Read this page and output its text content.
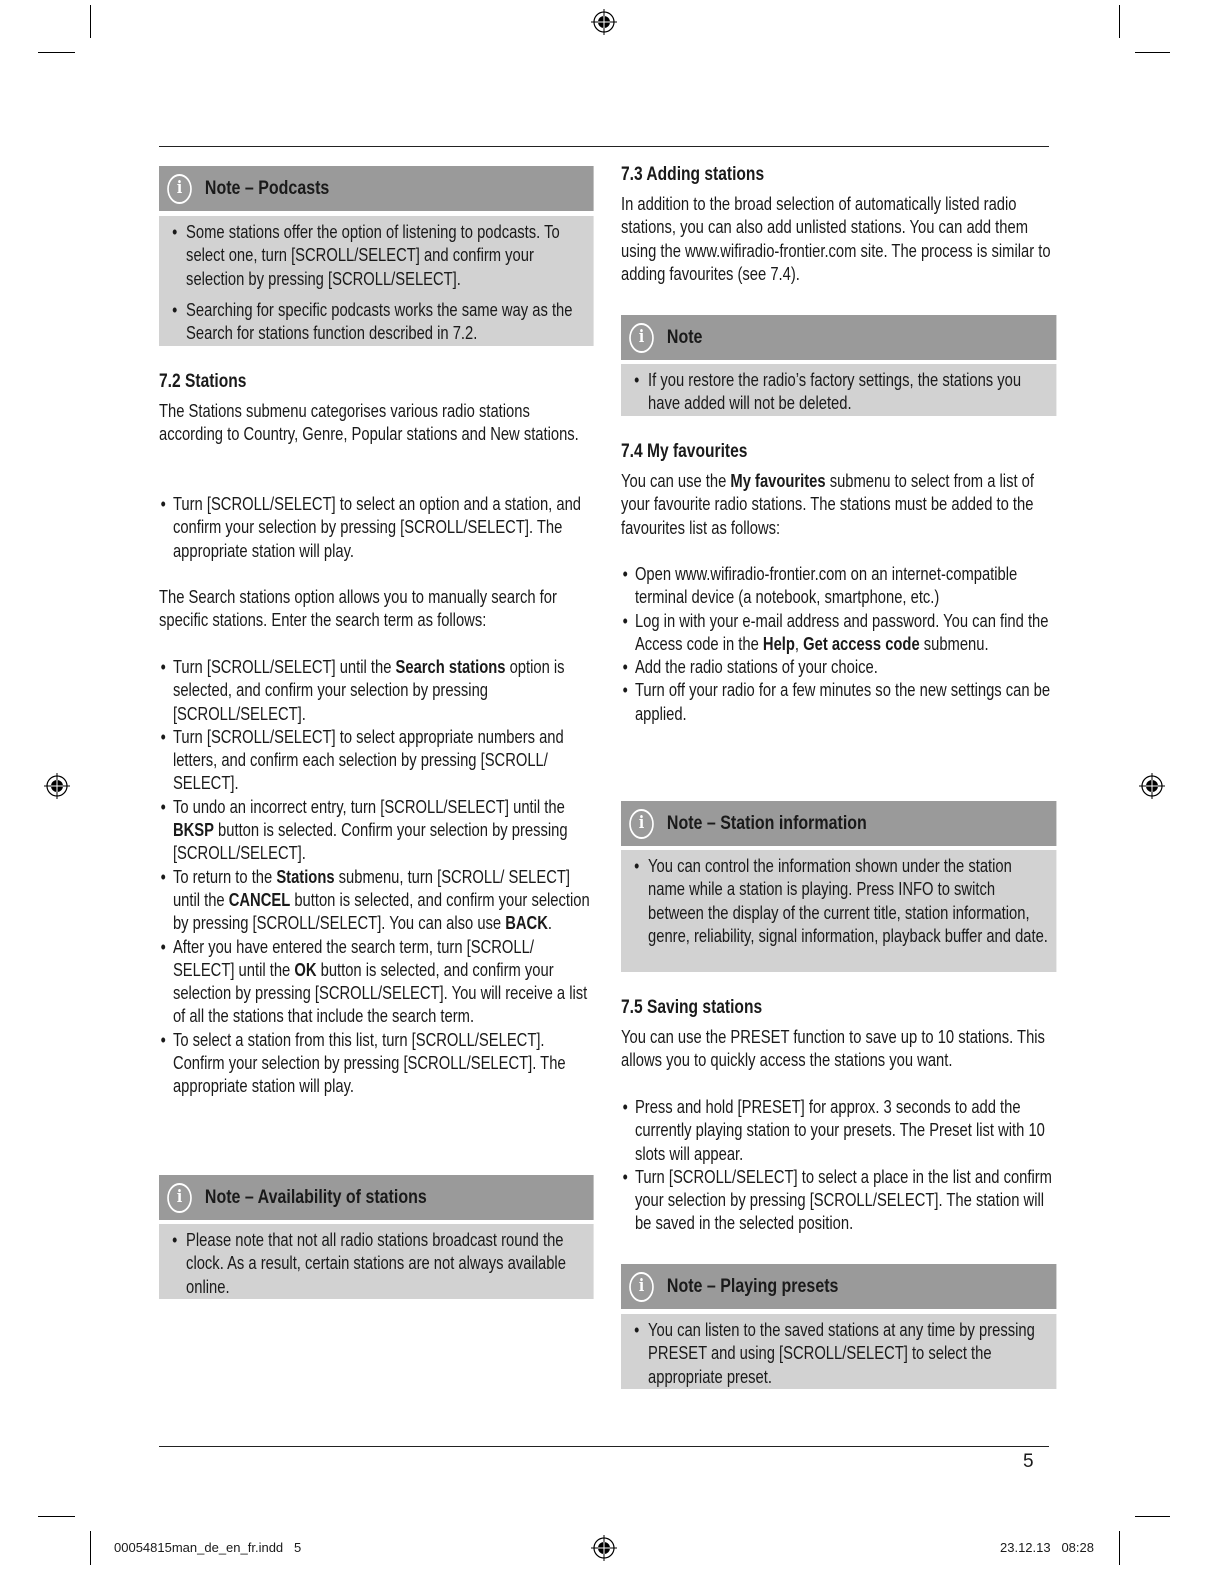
5
i	Note – Podcasts
• Some stations offer the option of listening to podcasts. To select one, turn [SCROLL/SELECT] and confirm your selection by pressing [SCROLL/SELECT].
• Searching for specific podcasts works the same way as the Search for stations function described in 7.2.
7.2 Stations
The Stations submenu categorises various radio stations according to Country, Genre, Popular stations and New stations.
• Turn [SCROLL/SELECT] to select an option and a station, and confirm your selection by pressing [SCROLL/SELECT]. The appropriate station will play.
The Search stations option allows you to manually search for specific stations. Enter the search term as follows:
• Turn [SCROLL/SELECT] until the Search stations option is selected, and confirm your selection by pressing [SCROLL/SELECT].
• Turn [SCROLL/SELECT] to select appropriate numbers and letters, and confirm each selection by pressing [SCROLL/ SELECT].
• To undo an incorrect entry, turn [SCROLL/SELECT] until the BKSP button is selected. Confirm your selection by pressing [SCROLL/SELECT].
• To return to the Stations submenu, turn [SCROLL/ SELECT] until the CANCEL button is selected, and confirm your selection by pressing [SCROLL/SELECT]. You can also use BACK.
• After you have entered the search term, turn [SCROLL/ SELECT] until the OK button is selected, and confirm your selection by pressing [SCROLL/SELECT]. You will receive a list of all the stations that include the search term.
• To select a station from this list, turn [SCROLL/SELECT]. Confirm your selection by pressing [SCROLL/SELECT]. The appropriate station will play.
i	Note – Availability of stations
• Please note that not all radio stations broadcast round the clock. As a result, certain stations are not always available online.
7.3 Adding stations
In addition to the broad selection of automatically listed radio stations, you can also add unlisted stations. You can add them using the www.wifiradio-frontier.com site. The process is similar to adding favourites (see 7.4).
i	Note
• If you restore the radio’s factory settings, the stations you have added will not be deleted.
7.4 My favourites
You can use the My favourites submenu to select from a list of your favourite radio stations. The stations must be added to the favourites list as follows:
• Open www.wifiradio-frontier.com on an internet-compatible terminal device (a notebook, smartphone, etc.)
• Log in with your e-mail address and password. You can find the Access code in the Help, Get access code submenu.
• Add the radio stations of your choice.
• Turn off your radio for a few minutes so the new settings can be applied.
i	Note – Station information
• You can control the information shown under the station name while a station is playing. Press INFO to switch between the display of the current title, station information, genre, reliability, signal information, playback buffer and date.
7.5 Saving stations
You can use the PRESET function to save up to 10 stations. This allows you to quickly access the stations you want.
• Press and hold [PRESET] for approx. 3 seconds to add the currently playing station to your presets. The Preset list with 10 slots will appear.
• Turn [SCROLL/SELECT] to select a place in the list and confirm your selection by pressing [SCROLL/SELECT]. The station will be saved in the selected position.
i	Note – Playing presets
• You can listen to the saved stations at any time by pressing PRESET and using [SCROLL/SELECT] to select the appropriate preset.
00054815man_de_en_fr.indd 5	23.12.13 08:28
